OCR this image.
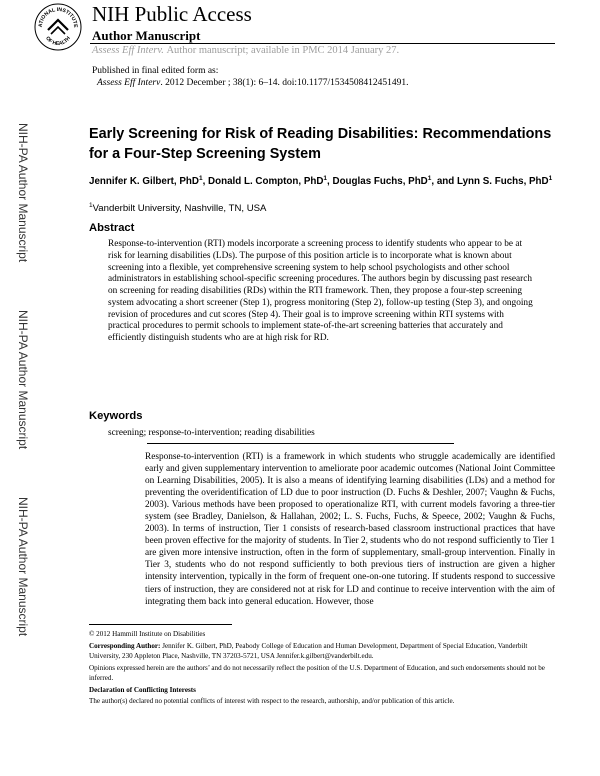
ATIONAL INSTITUTE
OF HEALTH
NIH Public Access
Author Manuscript
Assess Eff Interv. Author manuscript; available in PMC 2014 January 27.
Published in final edited form as:
Assess Eff Interv. 2012 December ; 38(1): 6–14. doi:10.1177/1534508412451491.
NIH-PA Author Manuscript
NIH-PA Author Manuscript
NIH-PA Author Manuscript
Early Screening for Risk of Reading Disabilities: Recommendations for a Four-Step Screening System
Jennifer K. Gilbert, PhD$^1$, Donald L. Compton, PhD$^1$, Douglas Fuchs, PhD$^1$, and Lynn S. Fuchs, PhD$^1$
$^1$Vanderbilt University, Nashville, TN, USA
Abstract
Response-to-intervention (RTI) models incorporate a screening process to identify students who appear to be at risk for learning disabilities (LDs). The purpose of this position article is to incorporate what is known about screening into a flexible, yet comprehensive screening system to help school psychologists and other school administrators in establishing school-specific screening procedures. The authors begin by discussing past research on screening for reading disabilities (RDs) within the RTI framework. Then, they propose a four-step screening system advocating a short screener (Step 1), progress monitoring (Step 2), follow-up testing (Step 3), and ongoing revision of procedures and cut scores (Step 4). Their goal is to improve screening within RTI systems with practical procedures to permit schools to implement state-of-the-art screening batteries that accurately and efficiently distinguish students who are at high risk for RD.
Keywords
screening; response-to-intervention; reading disabilities
Response-to-intervention (RTI) is a framework in which students who struggle academically are identified early and given supplementary intervention to ameliorate poor academic outcomes (National Joint Committee on Learning Disabilities, 2005). It is also a means of identifying learning disabilities (LDs) and a method for preventing the overidentification of LD due to poor instruction (D. Fuchs & Deshler, 2007; Vaughn & Fuchs, 2003). Various methods have been proposed to operationalize RTI, with current models favoring a three-tier system (see Bradley, Danielson, & Hallahan, 2002; L. S. Fuchs, Fuchs, & Speece, 2002; Vaughn & Fuchs, 2003). In terms of instruction, Tier 1 consists of research-based classroom instructional practices that have been proven effective for the majority of students. In Tier 2, students who do not respond sufficiently to Tier 1 are given more intensive instruction, often in the form of supplementary, small-group intervention. Finally in Tier 3, students who do not respond sufficiently to both previous tiers of instruction are given a higher intensity intervention, typically in the form of frequent one-on-one tutoring. If students respond to successive tiers of instruction, they are considered not at risk for LD and continue to receive intervention with the aim of integrating them back into general education. However, those
© 2012 Hammill Institute on Disabilities
Corresponding Author: Jennifer K. Gilbert, PhD, Peabody College of Education and Human Development, Department of Special Education, Vanderbilt University, 230 Appleton Place, Nashville, TN 37203-5721, USA Jennifer.k.gilbert@vanderbilt.edu.
Opinions expressed herein are the authors’ and do not necessarily reflect the position of the U.S. Department of Education, and such endorsements should not be inferred.
Declaration of Conflicting Interests
The author(s) declared no potential conflicts of interest with respect to the research, authorship, and/or publication of this article.
